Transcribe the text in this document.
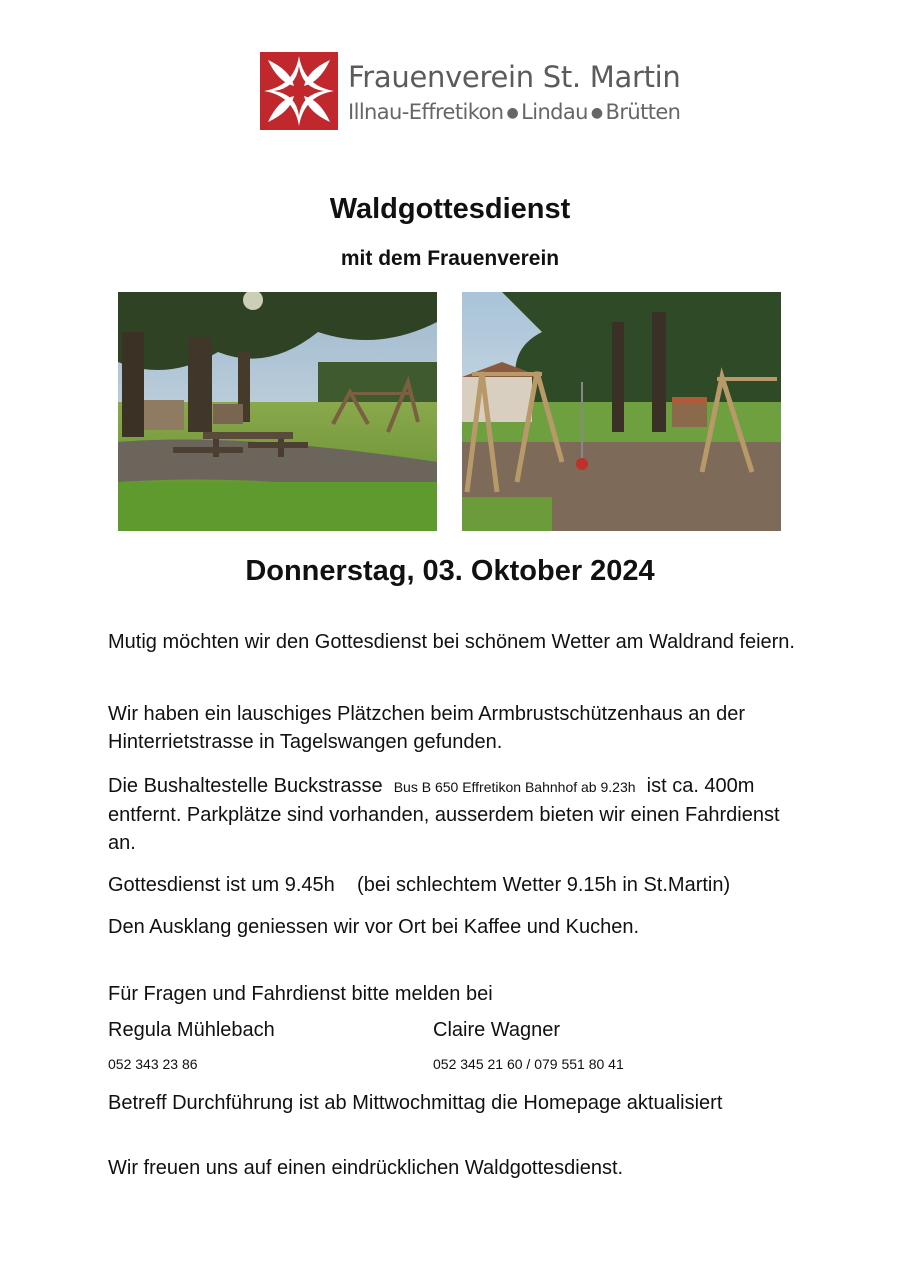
Frauenverein St. Martin
Illnau-Effretikon ● Lindau ● Brütten
Waldgottesdienst
mit dem Frauenverein
Donnerstag, 03. Oktober 2024

Mutig möchten wir den Gottesdienst bei schönem Wetter am Waldrand feiern.

Wir haben ein lauschiges Plätzchen beim Armbrustschützenhaus an der Hinterrietstrasse in Tagelswangen gefunden.

Die Bushaltestelle Buckstrasse Bus B 650 Effretikon Bahnhof ab 9.23h ist ca. 400m entfernt. Parkplätze sind vorhanden, ausserdem bieten wir einen Fahrdienst an.

Gottesdienst ist um 9.45h (bei schlechtem Wetter 9.15h in St.Martin)

Den Ausklang geniessen wir vor Ort bei Kaffee und Kuchen.

Für Fragen und Fahrdienst bitte melden bei

Regula Mühlebach	Claire Wagner
052 343 23 86	052 345 21 60 / 079 551 80 41

Betreff Durchführung ist ab Mittwochmittag die Homepage aktualisiert

Wir freuen uns auf einen eindrücklichen Waldgottesdienst.
